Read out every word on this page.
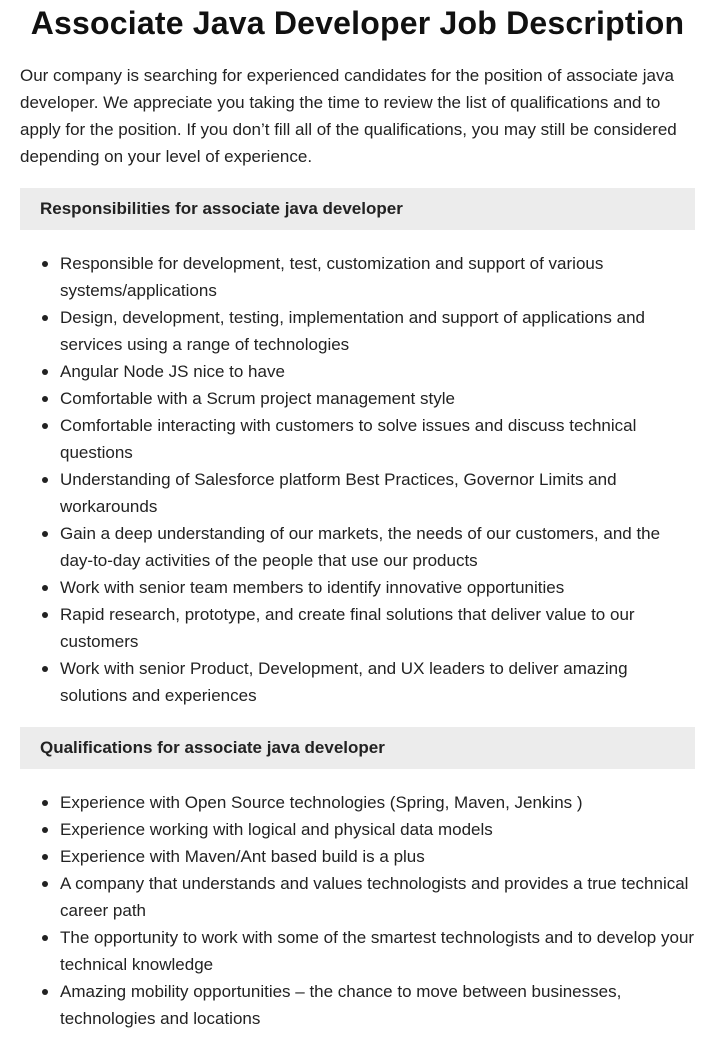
Associate Java Developer Job Description

Our company is searching for experienced candidates for the position of associate java developer. We appreciate you taking the time to review the list of qualifications and to apply for the position. If you don’t fill all of the qualifications, you may still be considered depending on your level of experience.

Responsibilities for associate java developer
Responsible for development, test, customization and support of various systems/applications
Design, development, testing, implementation and support of applications and services using a range of technologies
Angular Node JS nice to have
Comfortable with a Scrum project management style
Comfortable interacting with customers to solve issues and discuss technical questions
Understanding of Salesforce platform Best Practices, Governor Limits and workarounds
Gain a deep understanding of our markets, the needs of our customers, and the day-to-day activities of the people that use our products
Work with senior team members to identify innovative opportunities
Rapid research, prototype, and create final solutions that deliver value to our customers
Work with senior Product, Development, and UX leaders to deliver amazing solutions and experiences
Qualifications for associate java developer
Experience with Open Source technologies (Spring, Maven, Jenkins )
Experience working with logical and physical data models
Experience with Maven/Ant based build is a plus
A company that understands and values technologists and provides a true technical career path
The opportunity to work with some of the smartest technologists and to develop your technical knowledge
Amazing mobility opportunities – the chance to move between businesses, technologies and locations
